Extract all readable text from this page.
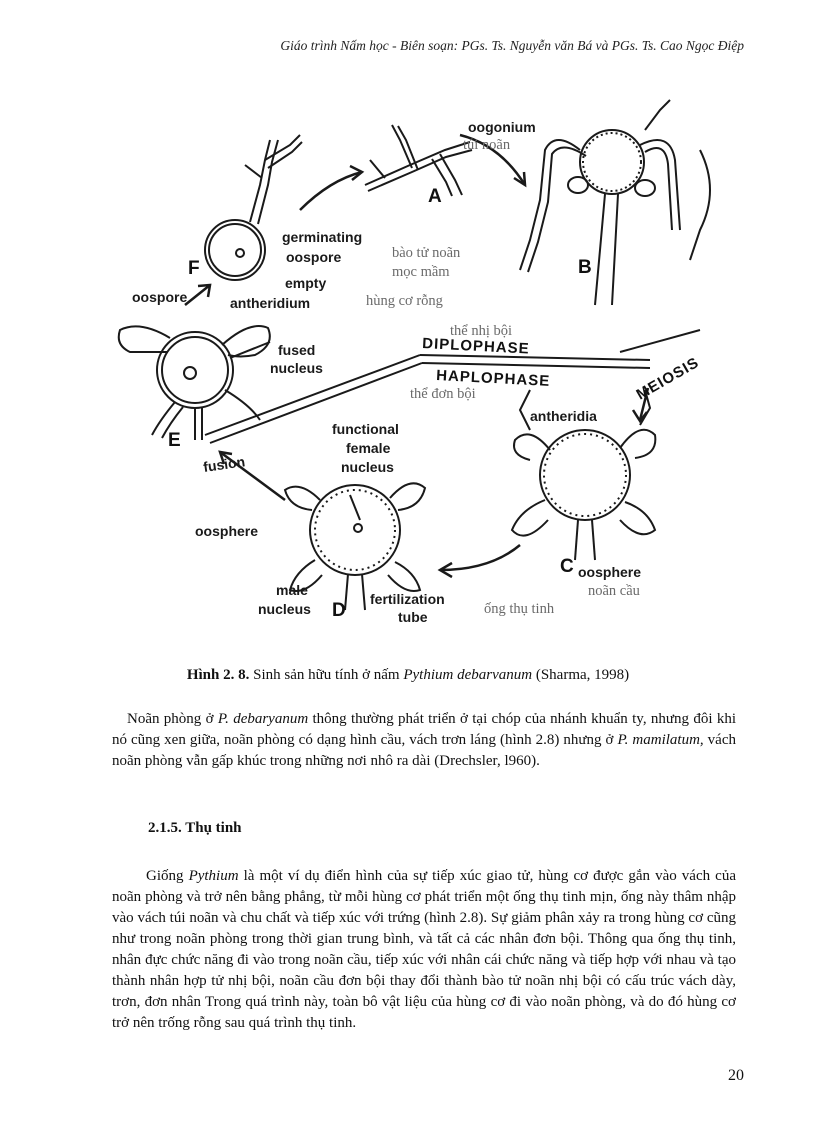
Giáo trình Nấm học - Biên soạn: PGs. Ts. Nguyễn văn Bá và PGs. Ts. Cao Ngọc Điệp
oogonium
germinating
oospore
oospore
empty
antheridium
fused
nucleus
DIPLOPHASE
HAPLOPHASE	MEIOSIS
antheridia
functional
female
nucleus
fusion
oosphere
oosphere
male
nucleus
fertilization
tube
A
B
C
D
E
F
túi noãn
bào tử noãn
mọc mầm
hùng cơ rỗng
thể nhị bội
thể đơn bội
noãn cầu
ống thụ tinh
Hình 2. 8. Sinh sản hữu tính ở nấm Pythium debarvanum (Sharma, 1998)

Noãn phòng ở P. debaryanum thông thường phát triển ở tại chóp của nhánh khuẩn ty, nhưng đôi khi nó cũng xen giữa, noãn phòng có dạng hình cầu, vách trơn láng (hình 2.8) nhưng ở P. mamilatum, vách noãn phòng vẫn gấp khúc trong những nơi nhô ra dài (Drechsler, l960).

2.1.5. Thụ tinh

Giống Pythium là một ví dụ điển hình của sự tiếp xúc giao tử, hùng cơ được gắn vào vách của noãn phòng và trở nên bằng phẳng, từ mỗi hùng cơ phát triển một ống thụ tinh mịn, ống này thâm nhập vào vách túi noãn và chu chất và tiếp xúc với trứng (hình 2.8). Sự giảm phân xảy ra trong hùng cơ cũng như trong noãn phòng trong thời gian trung bình, và tất cả các nhân đơn bội. Thông qua ống thụ tinh, nhân đực chức năng đi vào trong noãn cầu, tiếp xúc với nhân cái chức năng và tiếp hợp với nhau và tạo thành nhân hợp tử nhị bội, noãn cầu đơn bội thay đổi thành bào tử noãn nhị bội có cấu trúc vách dày, trơn, đơn nhân Trong quá trình này, toàn bô vật liệu của hùng cơ đi vào noãn phòng, và do đó hùng cơ trở nên trống rỗng sau quá trình thụ tinh.

20
